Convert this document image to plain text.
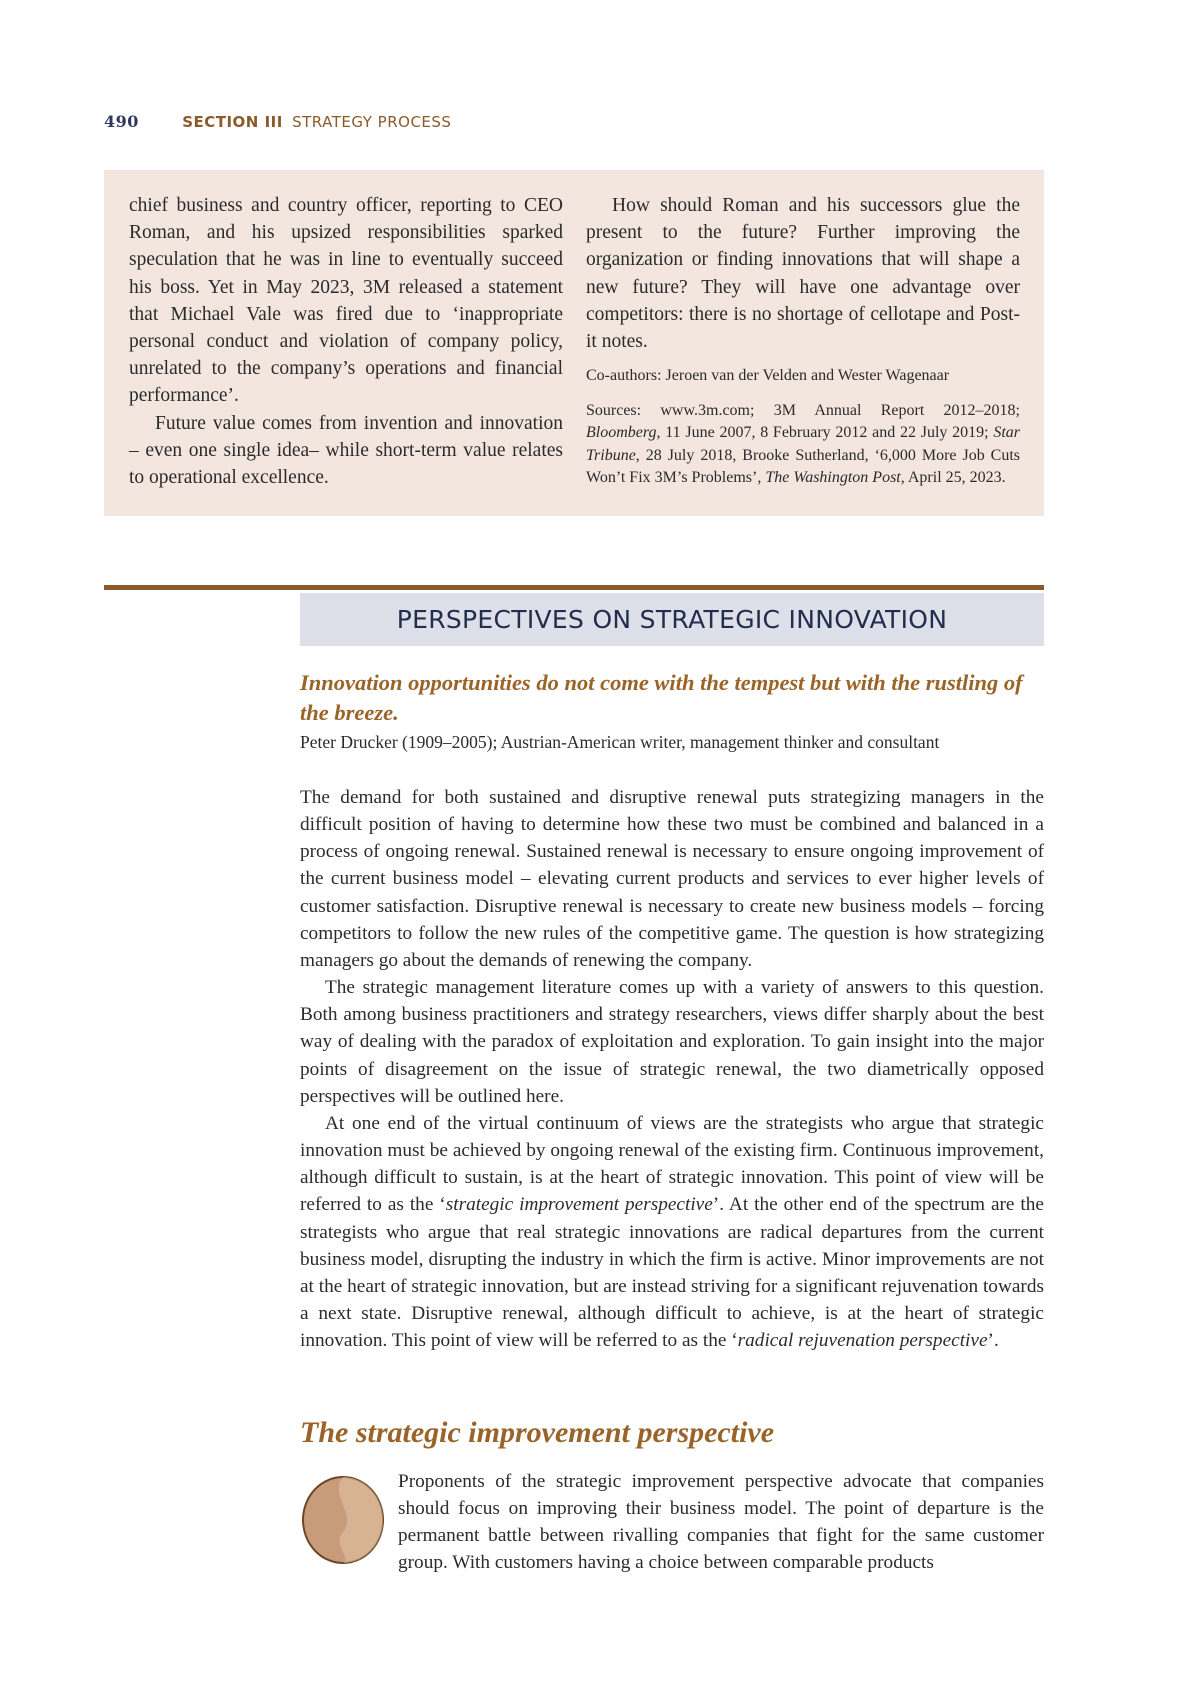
490	SECTION III STRATEGY PROCESS

chief business and country officer, reporting to CEO Roman, and his upsized responsibilities sparked speculation that he was in line to eventually succeed his boss. Yet in May 2023, 3M released a statement that Michael Vale was fired due to ‘inappropriate personal conduct and violation of company policy, unrelated to the company’s operations and financial performance’.

Future value comes from invention and innovation – even one single idea– while short-term value relates to operational excellence.

How should Roman and his successors glue the present to the future? Further improving the organization or finding innovations that will shape a new future? They will have one advantage over competitors: there is no shortage of cellotape and Post-it notes.

Co-authors: Jeroen van der Velden and Wester Wagenaar

Sources: www.3m.com; 3M Annual Report 2012–2018; Bloomberg, 11 June 2007, 8 February 2012 and 22 July 2019; Star Tribune, 28 July 2018, Brooke Sutherland, ‘6,000 More Job Cuts Won’t Fix 3M’s Problems’, The Washington Post, April 25, 2023.

PERSPECTIVES ON STRATEGIC INNOVATION
Innovation opportunities do not come with the tempest but with the rustling of the breeze.
Peter Drucker (1909–2005); Austrian-American writer, management thinker and consultant

The demand for both sustained and disruptive renewal puts strategizing managers in the difficult position of having to determine how these two must be combined and balanced in a process of ongoing renewal. Sustained renewal is necessary to ensure ongoing improvement of the current business model – elevating current products and services to ever higher levels of customer satisfaction. Disruptive renewal is necessary to create new business models – forcing competitors to follow the new rules of the competitive game. The question is how strategizing managers go about the demands of renewing the company.

The strategic management literature comes up with a variety of answers to this question. Both among business practitioners and strategy researchers, views differ sharply about the best way of dealing with the paradox of exploitation and exploration. To gain insight into the major points of disagreement on the issue of strategic renewal, the two diametrically opposed perspectives will be outlined here.

At one end of the virtual continuum of views are the strategists who argue that strategic innovation must be achieved by ongoing renewal of the existing firm. Continuous improvement, although difficult to sustain, is at the heart of strategic innovation. This point of view will be referred to as the ‘strategic improvement perspective’. At the other end of the spectrum are the strategists who argue that real strategic innovations are radical departures from the current business model, disrupting the industry in which the firm is active. Minor improvements are not at the heart of strategic innovation, but are instead striving for a significant rejuvenation towards a next state. Disruptive renewal, although difficult to achieve, is at the heart of strategic innovation. This point of view will be referred to as the ‘radical rejuvenation perspective’.

The strategic improvement perspective

Proponents of the strategic improvement perspective advocate that companies should focus on improving their business model. The point of departure is the permanent battle between rivalling companies that fight for the same customer group. With customers having a choice between comparable products
